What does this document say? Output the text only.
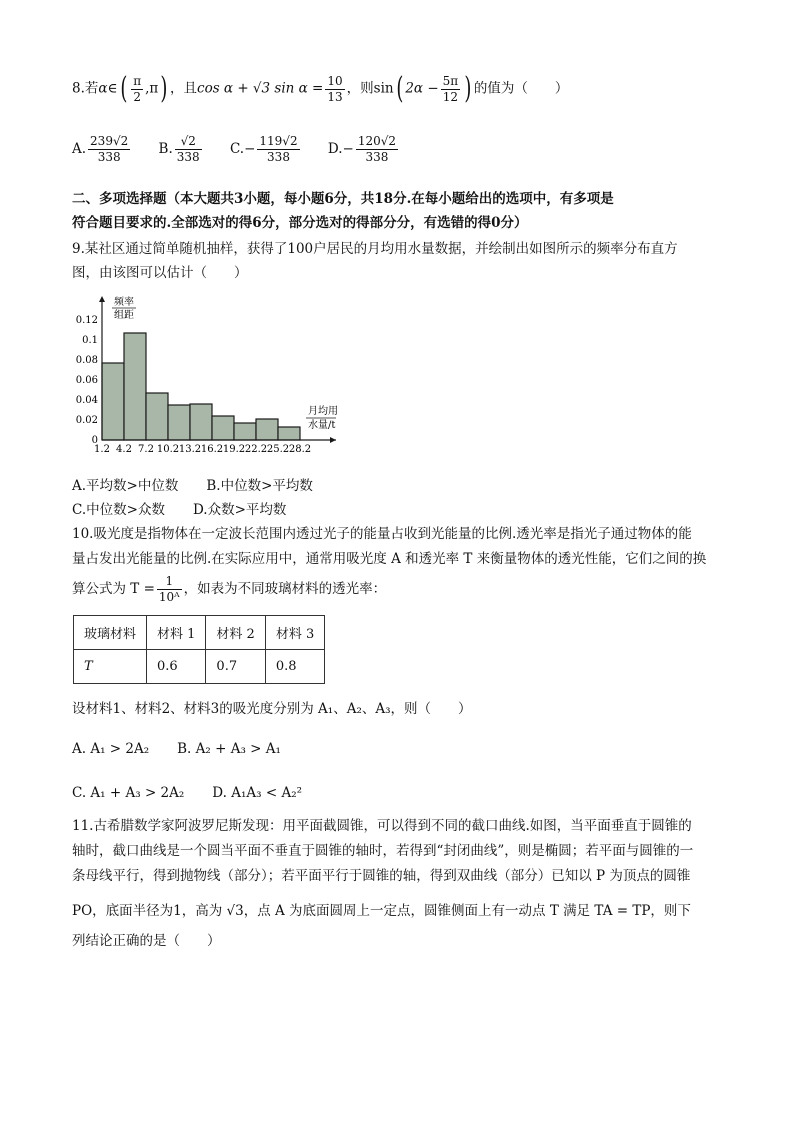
8.若α∈( $\frac{\pi}{2} ,\pi$) ，且cos α + √3 $\sin \alpha = \frac{10}{13}$ ，则sin( $2\alpha - \frac{5\pi}{12}$ ) 的值为（　　）
A. $\frac{239√2}{338} B$. $\frac{√2}{338} C.- \frac{119√2}{338} D.- \frac{120√2}{338}$
二、多项选择题（本大题共3小题，每小题6分，共18分.在每小题给出的选项中，有多项是
符合题目要求的.全部选对的得6分，部分选对的得部分分，有选错的得0分）
9.某社区通过简单随机抽样，获得了100户居民的月均用水量数据，并绘制出如图所示的频率分布直方
图，由该图可以估计（　　）
0
0.02
0.04
0.06
0.08
0.1
0.12
1.2 4.2 7.2 10.2 13.2 16.2 19.2 22.2 25.2 28.2
频率
组距
月均用
水量/t
A.平均数>中位数 B.中位数>平均数
C.中位数>众数 D.众数>平均数
10.吸光度是指物体在一定波长范围内透过光子的能量占收到光能量的比例.透光率是指光子通过物体的能
量占发出光能量的比例.在实际应用中，通常用吸光度 A 和透光率 T 来衡量物体的透光性能，它们之间的换
算公式为 $T = \frac{1}{\text{10ᴬ}}$ ，如表为不同玻璃材料的透光率：
玻璃材料	材料 1	材料 2	材料 3
T	0.6	0.7	0.8
设材料1、材料2、材料3的吸光度分别为 A₁、A₂、A₃，则（　　）
A. A₁ > 2A₂ B. A₂ + A₃ > A₁
C. A₁ + A₃ > 2A₂ D. A₁A₃ < A₂²
11.古希腊数学家阿波罗尼斯发现：用平面截圆锥，可以得到不同的截口曲线.如图，当平面垂直于圆锥的
轴时，截口曲线是一个圆当平面不垂直于圆锥的轴时，若得到“封闭曲线”，则是椭圆；若平面与圆锥的一
条母线平行，得到抛物线（部分）；若平面平行于圆锥的轴，得到双曲线（部分）已知以 P 为顶点的圆锥
PO，底面半径为1，高为 √3，点 A 为底面圆周上一定点，圆锥侧面上有一动点 T 满足 TA = TP，则下
列结论正确的是（　　）
